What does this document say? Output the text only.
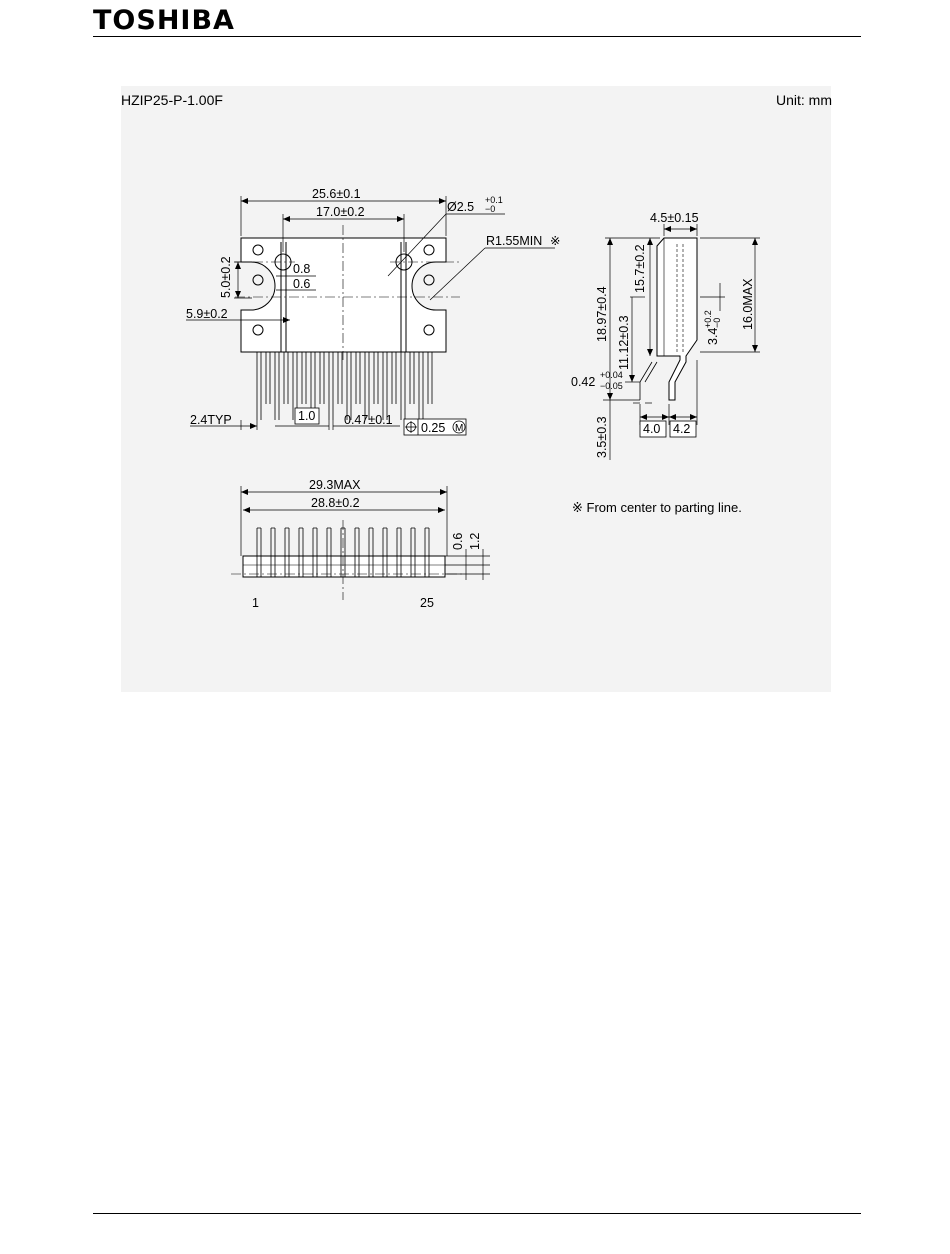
TOSHIBA
HZIP25-P-1.00F	Unit: mm
25.6±0.1
17.0±0.2	Ø2.5 +0.1
−0
R1.55MIN ※
5.0±0.2	0.8
0.6
5.9±0.2
2.4TYP	1.0 0.47±0.1
0.25 M
4.5±0.15
18.97±0.4
15.7±0.2
11.12±0.3
16.0MAX
3.4
+0.2 −0
0.42 +0.04
−0.05
3.5±0.3	4.0 4.2
29.3MAX
28.8±0.2
0.6 1.2
1	25
※ From center to parting line.
